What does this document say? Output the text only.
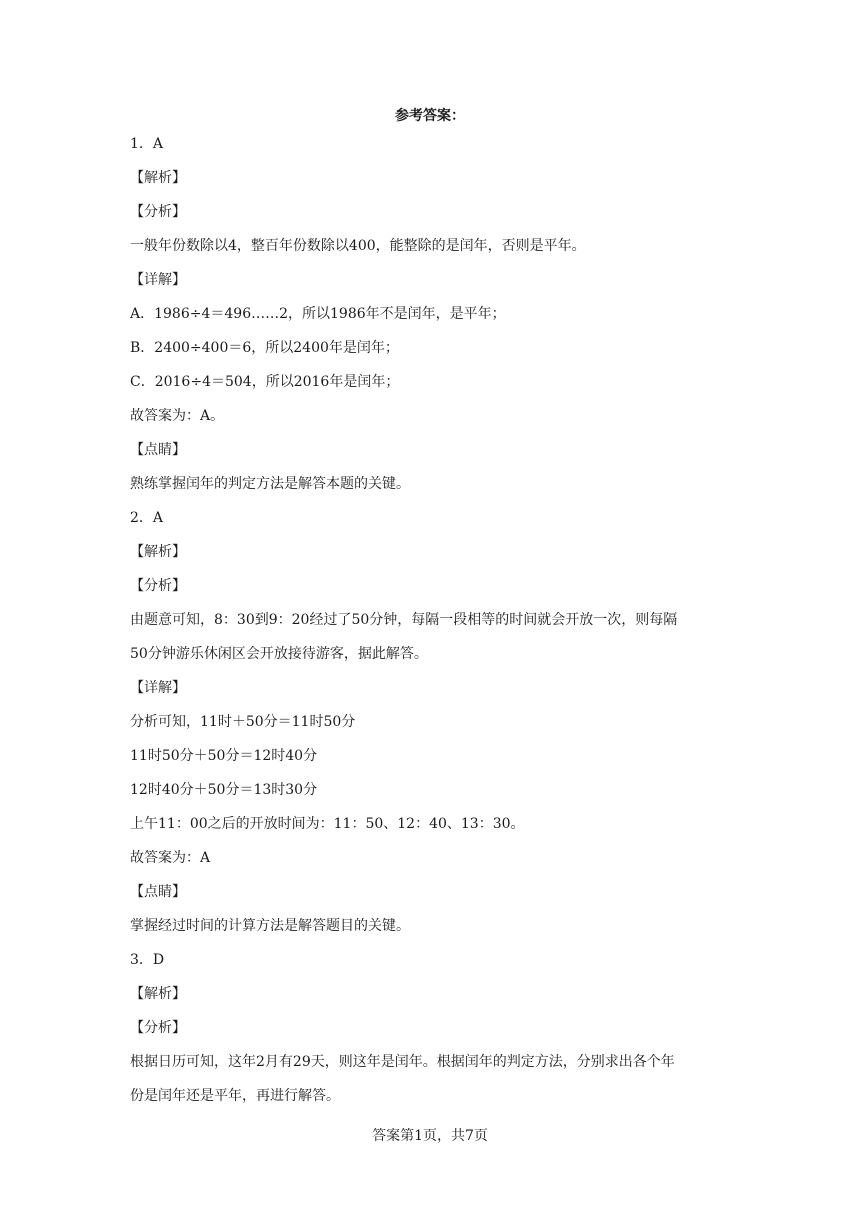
参考答案：
1．A
【解析】
【分析】
一般年份数除以4，整百年份数除以400，能整除的是闰年，否则是平年。
【详解】
A．1986÷4＝496……2，所以1986年不是闰年，是平年；
B．2400÷400＝6，所以2400年是闰年；
C．2016÷4＝504，所以2016年是闰年；
故答案为：A。
【点睛】
熟练掌握闰年的判定方法是解答本题的关键。
2．A
【解析】
【分析】
由题意可知，8：30到9：20经过了50分钟，每隔一段相等的时间就会开放一次，则每隔
50分钟游乐休闲区会开放接待游客，据此解答。
【详解】
分析可知，11时＋50分＝11时50分
11时50分＋50分＝12时40分
12时40分＋50分＝13时30分
上午11：00之后的开放时间为：11：50、12：40、13：30。
故答案为：A
【点睛】
掌握经过时间的计算方法是解答题目的关键。
3．D
【解析】
【分析】
根据日历可知，这年2月有29天，则这年是闰年。根据闰年的判定方法，分别求出各个年
份是闰年还是平年，再进行解答。
答案第1页，共7页
